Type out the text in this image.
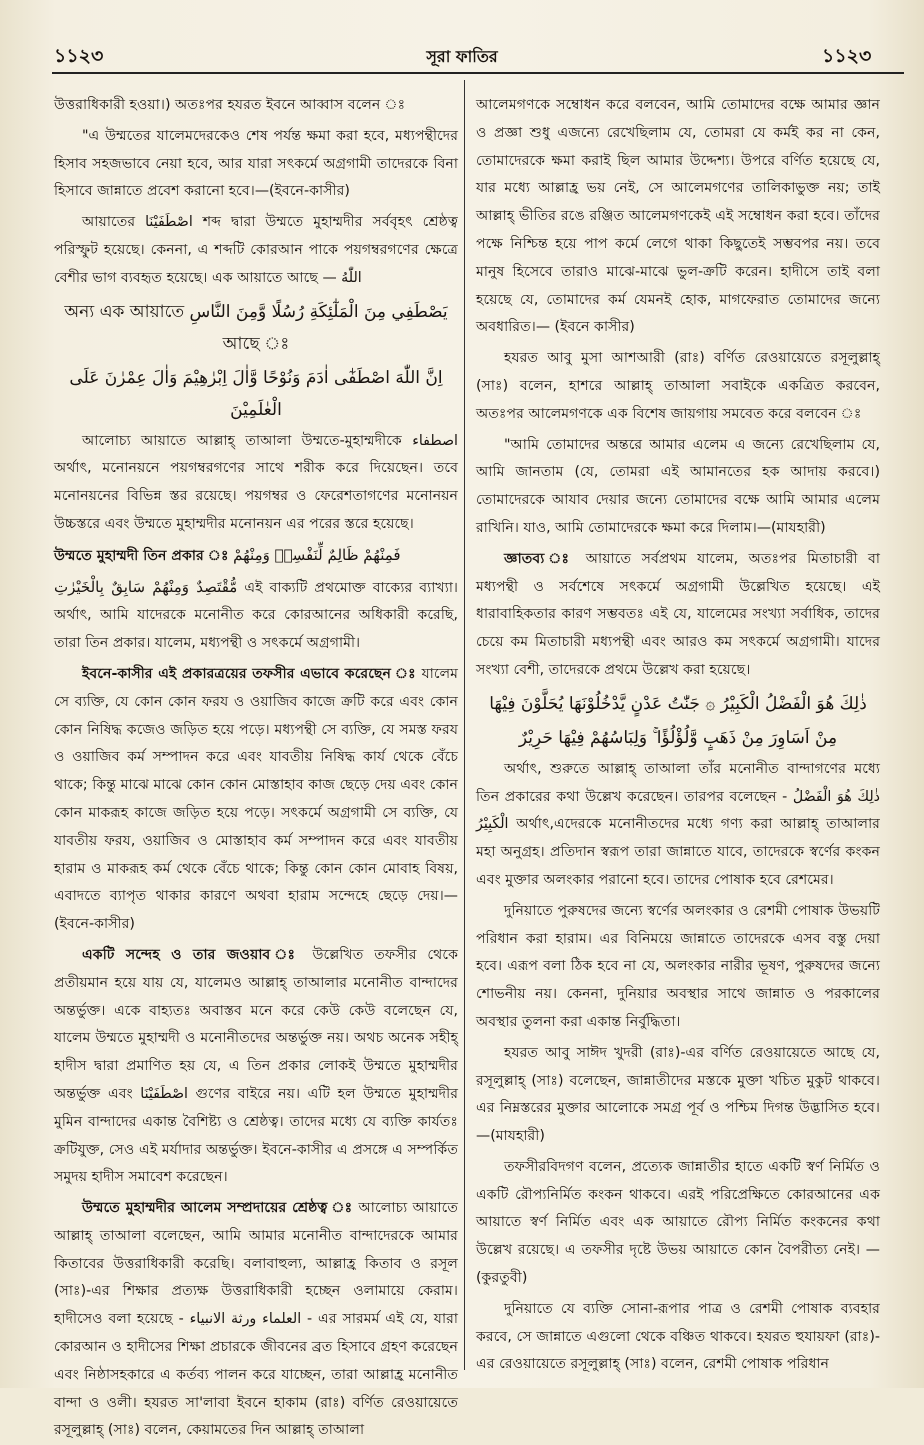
১১২৩	সূরা ফাতির	১১২৩

উত্তরাধিকারী হওয়া।) অতঃপর হযরত ইবনে আব্বাস বলেন ঃ

"এ উম্মতের যালেমদেরকেও শেষ পর্যন্ত ক্ষমা করা হবে, মধ্যপন্থীদের হিসাব সহজভাবে নেয়া হবে, আর যারা সৎকর্মে অগ্রগামী তাদেরকে বিনা হিসাবে জান্নাতে প্রবেশ করানো হবে।—(ইবনে-কাসীর)

আয়াতের اصْطَفَيْنَا শব্দ দ্বারা উম্মতে মুহাম্মদীর সর্ববৃহৎ শ্রেষ্ঠত্ব পরিস্ফুট হয়েছে। কেননা, এ শব্দটি কোরআন পাকে পয়গম্বরগণের ক্ষেত্রে বেশীর ভাগ ব্যবহৃত হয়েছে। এক আয়াতে আছে — اللّٰهُ

يَصْطَفِي مِنَ الْمَلٰٓئِكَةِ رُسُلًا وَّمِنَ النَّاسِ অন্য এক আয়াতে আছে ঃ
اِنَّ اللّٰهَ اصْطَفٰٓى اٰدَمَ وَنُوْحًا وَّاٰلَ اِبْرٰهِيْمَ وَاٰلَ عِمْرٰنَ عَلَى الْعٰلَمِيْنَ

আলোচ্য আয়াতে আল্লাহ্ তাআলা উম্মতে-মুহাম্মদীকে اصطفاء অর্থাৎ, মনোনয়নে পয়গম্বরগণের সাথে শরীক করে দিয়েছেন। তবে মনোনয়নের বিভিন্ন স্তর রয়েছে। পয়গম্বর ও ফেরেশতাগণের মনোনয়ন উচ্চস্তরে এবং উম্মতে মুহাম্মদীর মনোনয়ন এর পরের স্তরে হয়েছে।

উম্মতে মুহাম্মদী তিন প্রকার ঃ فَمِنْهُمْ ظَالِمٌ لِّنَفْسِهٖ وَمِنْهُمْ

مُّقْتَصِدٌ وَمِنْهُمْ سَابِقٌ بِالْخَيْرٰتِ এই বাক্যটি প্রথমোক্ত বাক্যের ব্যাখ্যা। অর্থাৎ, আমি যাদেরকে মনোনীত করে কোরআনের অধিকারী করেছি, তারা তিন প্রকার। যালেম, মধ্যপন্থী ও সৎকর্মে অগ্রগামী।

ইবনে-কাসীর এই প্রকারত্রয়ের তফসীর এভাবে করেছেন ঃ যালেম সে ব্যক্তি, যে কোন কোন ফরয ও ওয়াজিব কাজে ক্রটি করে এবং কোন কোন নিষিদ্ধ কজেও জড়িত হয়ে পড়ে। মধ্যপন্থী সে ব্যক্তি, যে সমস্ত ফরয ও ওয়াজিব কর্ম সম্পাদন করে এবং যাবতীয় নিষিদ্ধ কার্য থেকে বেঁচে থাকে; কিন্তু মাঝে মাঝে কোন কোন মোস্তাহাব কাজ ছেড়ে দেয় এবং কোন কোন মাকরূহ কাজে জড়িত হয়ে পড়ে। সৎকর্মে অগ্রগামী সে ব্যক্তি, যে যাবতীয় ফরয, ওয়াজিব ও মোস্তাহাব কর্ম সম্পাদন করে এবং যাবতীয় হারাম ও মাকরূহ কর্ম থেকে বেঁচে থাকে; কিন্তু কোন কোন মোবাহ বিষয়, এবাদতে ব্যাপৃত থাকার কারণে অথবা হারাম সন্দেহে ছেড়ে দেয়।— (ইবনে-কাসীর)

একটি সন্দেহ ও তার জওয়াব ঃ উল্লেখিত তফসীর থেকে প্রতীয়মান হয়ে যায় যে, যালেমও আল্লাহ্ তাআলার মনোনীত বান্দাদের অন্তর্ভুক্ত। একে বাহ্যতঃ অবাস্তব মনে করে কেউ কেউ বলেছেন যে, যালেম উম্মতে মুহাম্মদী ও মনোনীতদের অন্তর্ভুক্ত নয়। অথচ অনেক সহীহ্ হাদীস দ্বারা প্রমাণিত হয় যে, এ তিন প্রকার লোকই উম্মতে মুহাম্মদীর অন্তর্ভুক্ত এবং اصْطَفَيْنَا গুণের বাইরে নয়। এটি হল উম্মতে মুহাম্মদীর মুমিন বান্দাদের একান্ত বৈশিষ্ট্য ও শ্রেষ্ঠত্ব। তাদের মধ্যে যে ব্যক্তি কার্যতঃ ক্রটিযুক্ত, সেও এই মর্যাদার অন্তর্ভুক্ত। ইবনে-কাসীর এ প্রসঙ্গে এ সম্পর্কিত সমুদয় হাদীস সমাবেশ করেছেন।

উম্মতে মুহাম্মদীর আলেম সম্প্রদায়ের শ্রেষ্ঠত্ব ঃ আলোচ্য আয়াতে আল্লাহ্ তাআলা বলেছেন, আমি আমার মনোনীত বান্দাদেরকে আমার কিতাবের উত্তরাধিকারী করেছি। বলাবাহুল্য, আল্লাহ্র কিতাব ও রসূল (সাঃ)-এর শিক্ষার প্রত্যক্ষ উত্তরাধিকারী হচ্ছেন ওলামায়ে কেরাম। হাদীসেও বলা হয়েছে - العلماء ورثة الانبياء - এর সারমর্ম এই যে, যারা কোরআন ও হাদীসের শিক্ষা প্রচারকে জীবনের ব্রত হিসাবে গ্রহণ করেছেন এবং নিষ্ঠাসহকারে এ কর্তব্য পালন করে যাচ্ছেন, তারা আল্লাহ্র মনোনীত বান্দা ও ওলী। হযরত সা'লাবা ইবনে হাকাম (রাঃ) বর্ণিত রেওয়ায়েতে রসূলুল্লাহ্ (সাঃ) বলেন, কেয়ামতের দিন আল্লাহ্ তাআলা

আলেমগণকে সম্বোধন করে বলবেন, আমি তোমাদের বক্ষে আমার জ্ঞান ও প্রজ্ঞা শুধু এজন্যে রেখেছিলাম যে, তোমরা যে কর্মই কর না কেন, তোমাদেরকে ক্ষমা করাই ছিল আমার উদ্দেশ্য। উপরে বর্ণিত হয়েছে যে, যার মধ্যে আল্লাহ্র ভয় নেই, সে আলেমগণের তালিকাভুক্ত নয়; তাই আল্লাহ্ ভীতির রঙে রঞ্জিত আলেমগণকেই এই সম্বোধন করা হবে। তাঁদের পক্ষে নিশ্চিন্ত হয়ে পাপ কর্মে লেগে থাকা কিছুতেই সম্ভবপর নয়। তবে মানুষ হিসেবে তারাও মাঝে-মাঝে ভুল-ক্রটি করেন। হাদীসে তাই বলা হয়েছে যে, তোমাদের কর্ম যেমনই হোক, মাগফেরাত তোমাদের জন্যে অবধারিত।— (ইবনে কাসীর)

হযরত আবু মুসা আশআরী (রাঃ) বর্ণিত রেওয়ায়েতে রসূলুল্লাহ্ (সাঃ) বলেন, হাশরে আল্লাহ্ তাআলা সবাইকে একত্রিত করবেন, অতঃপর আলেমগণকে এক বিশেষ জায়গায় সমবেত করে বলবেন ঃ

"আমি তোমাদের অন্তরে আমার এলেম এ জন্যে রেখেছিলাম যে, আমি জানতাম (যে, তোমরা এই আমানতের হক আদায় করবে।) তোমাদেরকে আযাব দেয়ার জন্যে তোমাদের বক্ষে আমি আমার এলেম রাখিনি। যাও, আমি তোমাদেরকে ক্ষমা করে দিলাম।—(মাযহারী)

জ্ঞাতব্য ঃ আয়াতে সর্বপ্রথম যালেম, অতঃপর মিতাচারী বা মধ্যপন্থী ও সর্বশেষে সৎকর্মে অগ্রগামী উল্লেখিত হয়েছে। এই ধারাবাহিকতার কারণ সম্ভবতঃ এই যে, যালেমের সংখ্যা সর্বাধিক, তাদের চেয়ে কম মিতাচারী মধ্যপন্থী এবং আরও কম সৎকর্মে অগ্রগামী। যাদের সংখ্যা বেশী, তাদেরকে প্রথমে উল্লেখ করা হয়েছে।

ذٰلِكَ هُوَ الْفَضْلُ الْكَبِيْرُ ۞ جَنّٰتُ عَدْنٍ يَّدْخُلُوْنَهَا يُحَلَّوْنَ فِيْهَا
مِنْ اَسَاوِرَ مِنْ ذَهَبٍ وَّلُؤْلُؤًا ۚ وَلِبَاسُهُمْ فِيْهَا حَرِيْرٌ

অর্থাৎ, শুরুতে আল্লাহ্ তাআলা তাঁর মনোনীত বান্দাগণের মধ্যে তিন প্রকারের কথা উল্লেখ করেছেন। তারপর বলেছেন - ذٰلِكَ هُوَ الْفَضْلُ الْكَبِيْرُ অর্থাৎ,এদেরকে মনোনীতদের মধ্যে গণ্য করা আল্লাহ্ তাআলার মহা অনুগ্রহ। প্রতিদান স্বরূপ তারা জান্নাতে যাবে, তাদেরকে স্বর্ণের কংকন এবং মুক্তার অলংকার পরানো হবে। তাদের পোষাক হবে রেশমের।

দুনিয়াতে পুরুষদের জন্যে স্বর্ণের অলংকার ও রেশমী পোষাক উভয়টি পরিধান করা হারাম। এর বিনিময়ে জান্নাতে তাদেরকে এসব বস্তু দেয়া হবে। এরূপ বলা ঠিক হবে না যে, অলংকার নারীর ভূষণ, পুরুষদের জন্যে শোভনীয় নয়। কেননা, দুনিয়ার অবস্থার সাথে জান্নাত ও পরকালের অবস্থার তুলনা করা একান্ত নির্বুদ্ধিতা।

হযরত আবু সাঈদ খুদরী (রাঃ)-এর বর্ণিত রেওয়ায়েতে আছে যে, রসূলুল্লাহ্ (সাঃ) বলেছেন, জান্নাতীদের মস্তকে মুক্তা খচিত মুকুট থাকবে। এর নিম্নস্তরের মুক্তার আলোকে সমগ্র পূর্ব ও পশ্চিম দিগন্ত উদ্ভাসিত হবে। —(মাযহারী)

তফসীরবিদগণ বলেন, প্রত্যেক জান্নাতীর হাতে একটি স্বর্ণ নির্মিত ও একটি রৌপ্যনির্মিত কংকন থাকবে। এরই পরিপ্রেক্ষিতে কোরআনের এক আয়াতে স্বর্ণ নির্মিত এবং এক আয়াতে রৌপ্য নির্মিত কংকনের কথা উল্লেখ রয়েছে। এ তফসীর দৃষ্টে উভয় আয়াতে কোন বৈপরীত্য নেই। — (কুরতুবী)

দুনিয়াতে যে ব্যক্তি সোনা-রূপার পাত্র ও রেশমী পোষাক ব্যবহার করবে, সে জান্নাতে এগুলো থেকে বঞ্চিত থাকবে। হযরত হুযায়ফা (রাঃ)-এর রেওয়ায়েতে রসূলুল্লাহ্ (সাঃ) বলেন, রেশমী পোষাক পরিধান
